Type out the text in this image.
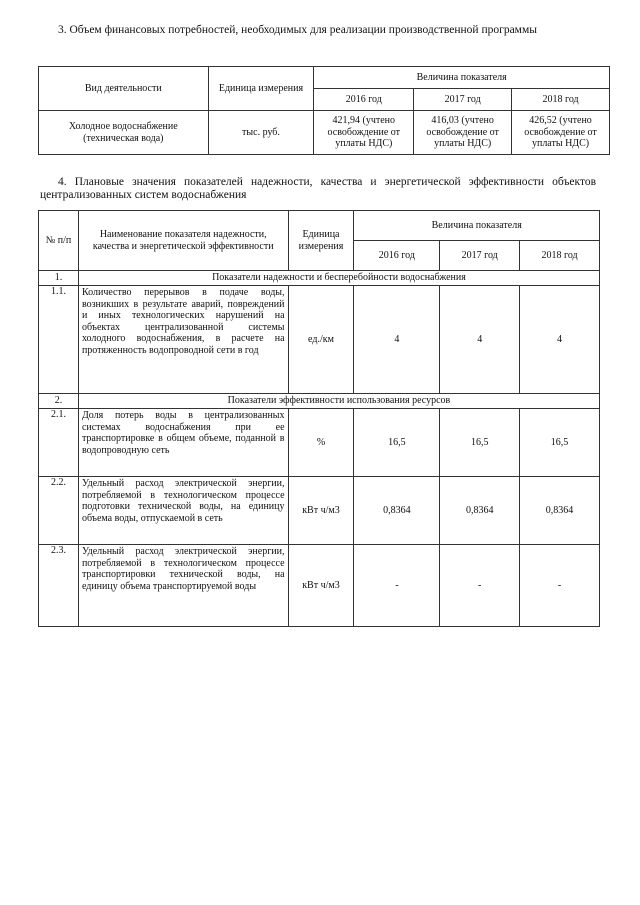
3. Объем финансовых потребностей, необходимых для реализации производственной программы
Вид деятельности	Единица измерения	Величина показателя		
		2016 год	2017 год	2018 год
Холодное водоснабжение (техническая вода)	тыс. руб.	421,94 (учтено освобождение от уплаты НДС)	416,03 (учтено освобождение от уплаты НДС)	426,52 (учтено освобождение от уплаты НДС)
4. Плановые значения показателей надежности, качества и энергетической эффективности объектов централизованных систем водоснабжения
№ п/п	Наименование показателя надежности, качества и энергетической эффективности	Единица измерения	Величина показателя		
			2016 год	2017 год	2018 год
1.	Показатели надежности и бесперебойности водоснабжения				
1.1.	Количество перерывов в подаче воды, возникших в результате аварий, повреждений и иных технологических нарушений на объектах централизованной системы холодного водоснабжения, в расчете на протяженность водопроводной сети в год	ед./км	4	4	4
2.	Показатели эффективности использования ресурсов				
2.1.	Доля потерь воды в централизованных системах водоснабжения при ее транспортировке в общем объеме, поданной в водопроводную сеть	%	16,5	16,5	16,5
2.2.	Удельный расход электрической энергии, потребляемой в технологическом процессе подготовки технической воды, на единицу объема воды, отпускаемой в сеть	кВт ч/м3	0,8364	0,8364	0,8364
2.3.	Удельный расход электрической энергии, потребляемой в технологическом процессе транспортировки технической воды, на единицу объема транспортируемой воды	кВт ч/м3	-	-	-
